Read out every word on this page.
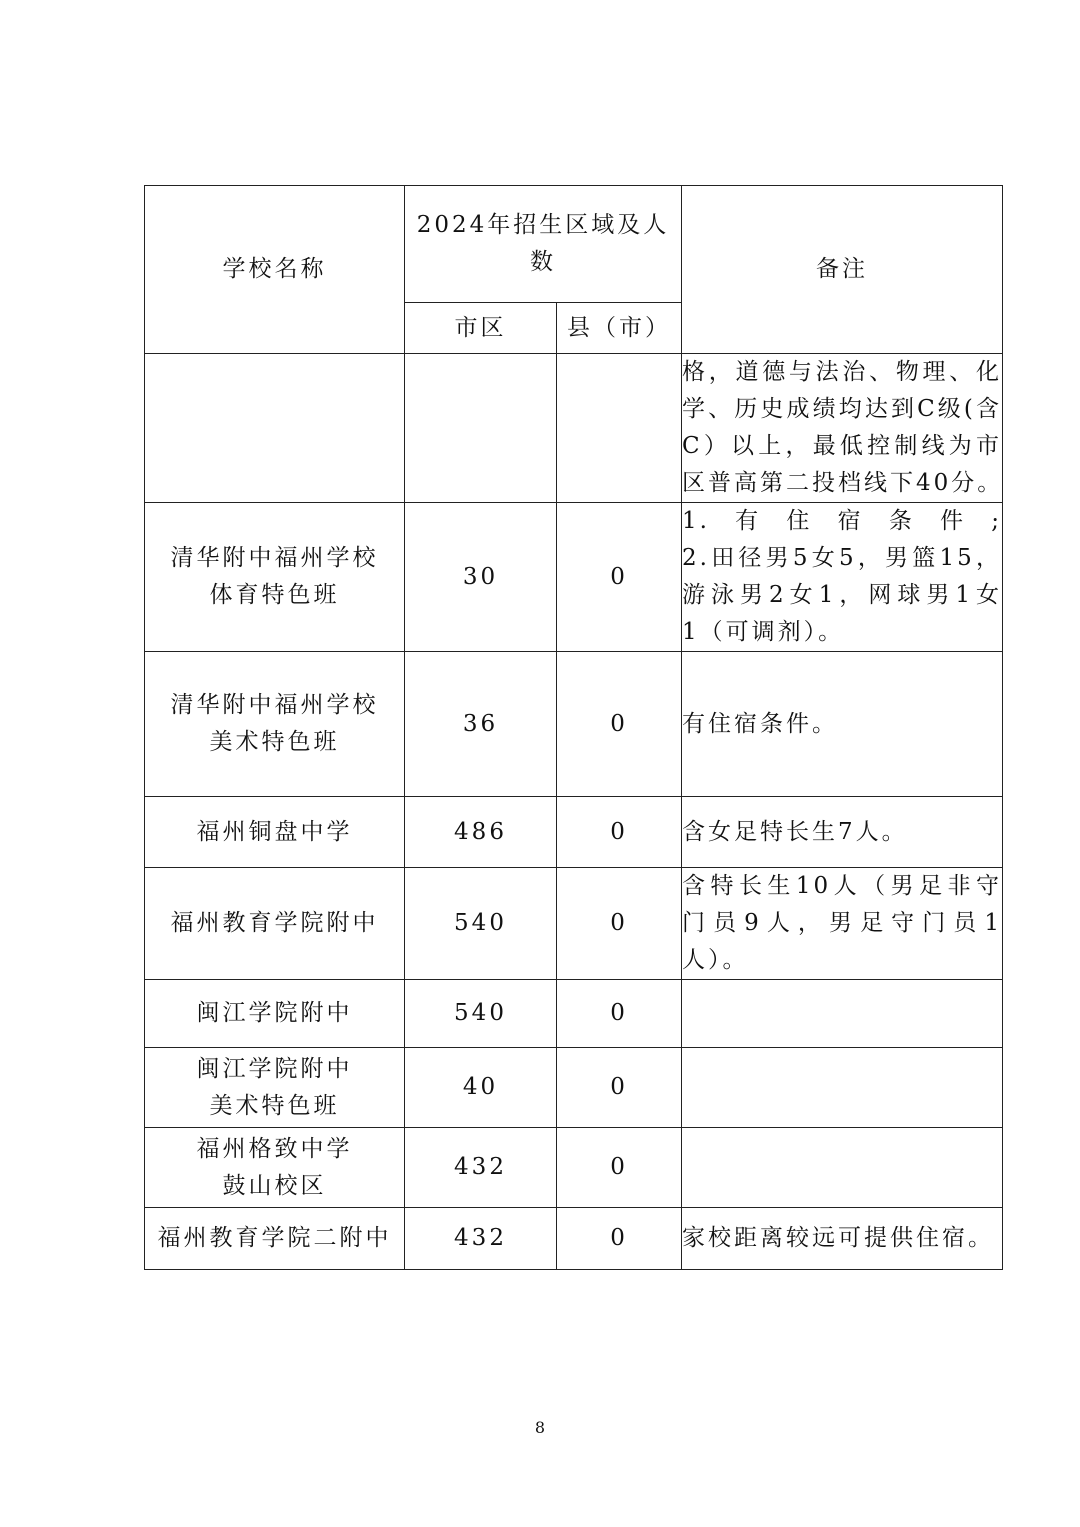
学校名称	2024年招生区域及人数		备注
	市区	县（市）	

			格，道德与法治、物理、化
学、历史成绩均达到C级(含
C）以上，最低控制线为市
区普高第二投档线下40分。

清华附中福州学校
体育特色班	30	0	1.有住宿条件;
2.田径男5女5，男篮15，
游泳男2女1，网球男1女
1（可调剂）。

清华附中福州学校
美术特色班	36	0	有住宿条件。

福州铜盘中学	486	0	含女足特长生7人。

福州教育学院附中	540	0	含特长生10人（男足非守
门员9人，男足守门员1
人）。

闽江学院附中	540	0	

闽江学院附中
美术特色班	40	0	

福州格致中学
鼓山校区	432	0	

福州教育学院二附中	432	0	家校距离较远可提供住宿。
8
